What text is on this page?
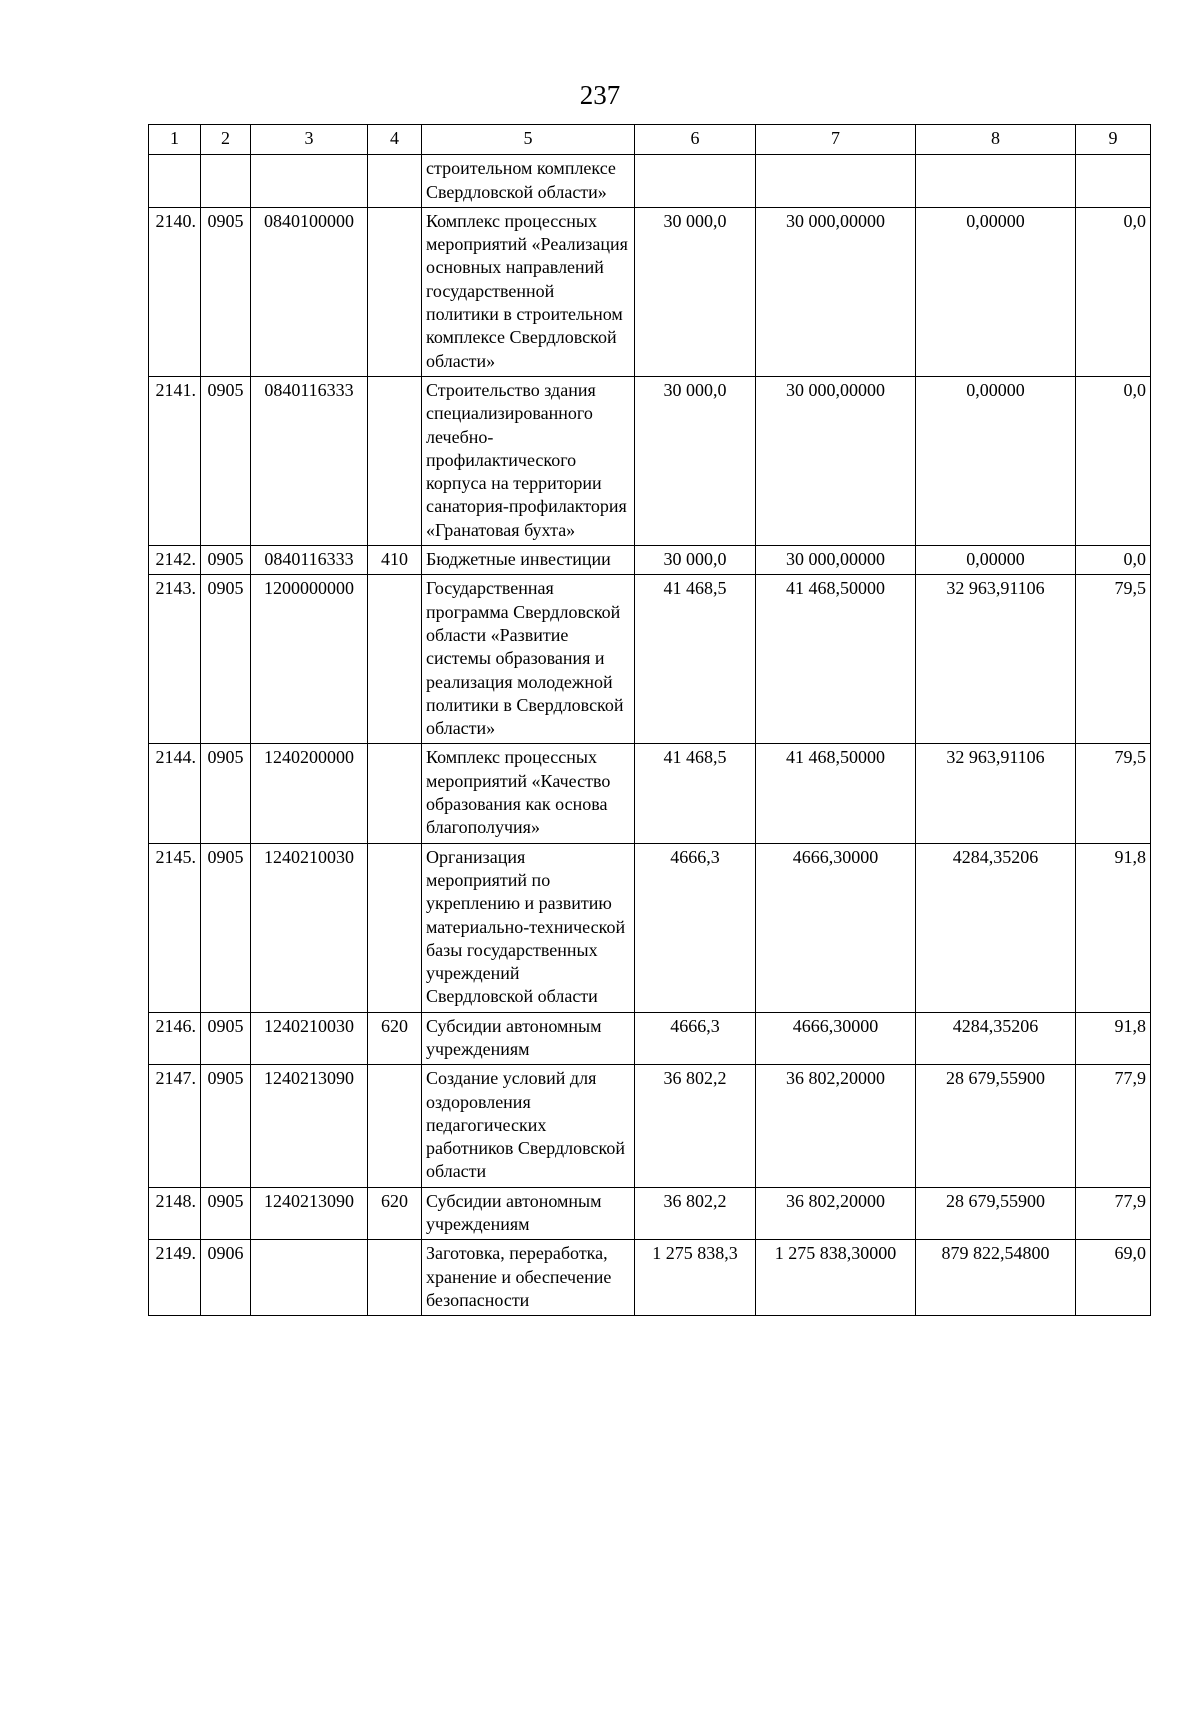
237
1	2	3	4	5	6	7	8	9
				строительном комплексе Свердловской области»				
2140.	0905	0840100000		Комплекс процессных мероприятий «Реализация основных направлений государственной политики в строительном комплексе Свердловской области»	30 000,0	30 000,00000	0,00000	0,0
2141.	0905	0840116333		Строительство здания специализированного лечебно-профилактического корпуса на территории санатория-профилактория «Гранатовая бухта»	30 000,0	30 000,00000	0,00000	0,0
2142.	0905	0840116333	410	Бюджетные инвестиции	30 000,0	30 000,00000	0,00000	0,0
2143.	0905	1200000000		Государственная программа Свердловской области «Развитие системы образования и реализация молодежной политики в Свердловской области»	41 468,5	41 468,50000	32 963,91106	79,5
2144.	0905	1240200000		Комплекс процессных мероприятий «Качество образования как основа благополучия»	41 468,5	41 468,50000	32 963,91106	79,5
2145.	0905	1240210030		Организация мероприятий по укреплению и развитию материально-технической базы государственных учреждений Свердловской области	4666,3	4666,30000	4284,35206	91,8
2146.	0905	1240210030	620	Субсидии автономным учреждениям	4666,3	4666,30000	4284,35206	91,8
2147.	0905	1240213090		Создание условий для оздоровления педагогических работников Свердловской области	36 802,2	36 802,20000	28 679,55900	77,9
2148.	0905	1240213090	620	Субсидии автономным учреждениям	36 802,2	36 802,20000	28 679,55900	77,9
2149.	0906			Заготовка, переработка, хранение и обеспечение безопасности	1 275 838,3	1 275 838,30000	879 822,54800	69,0
